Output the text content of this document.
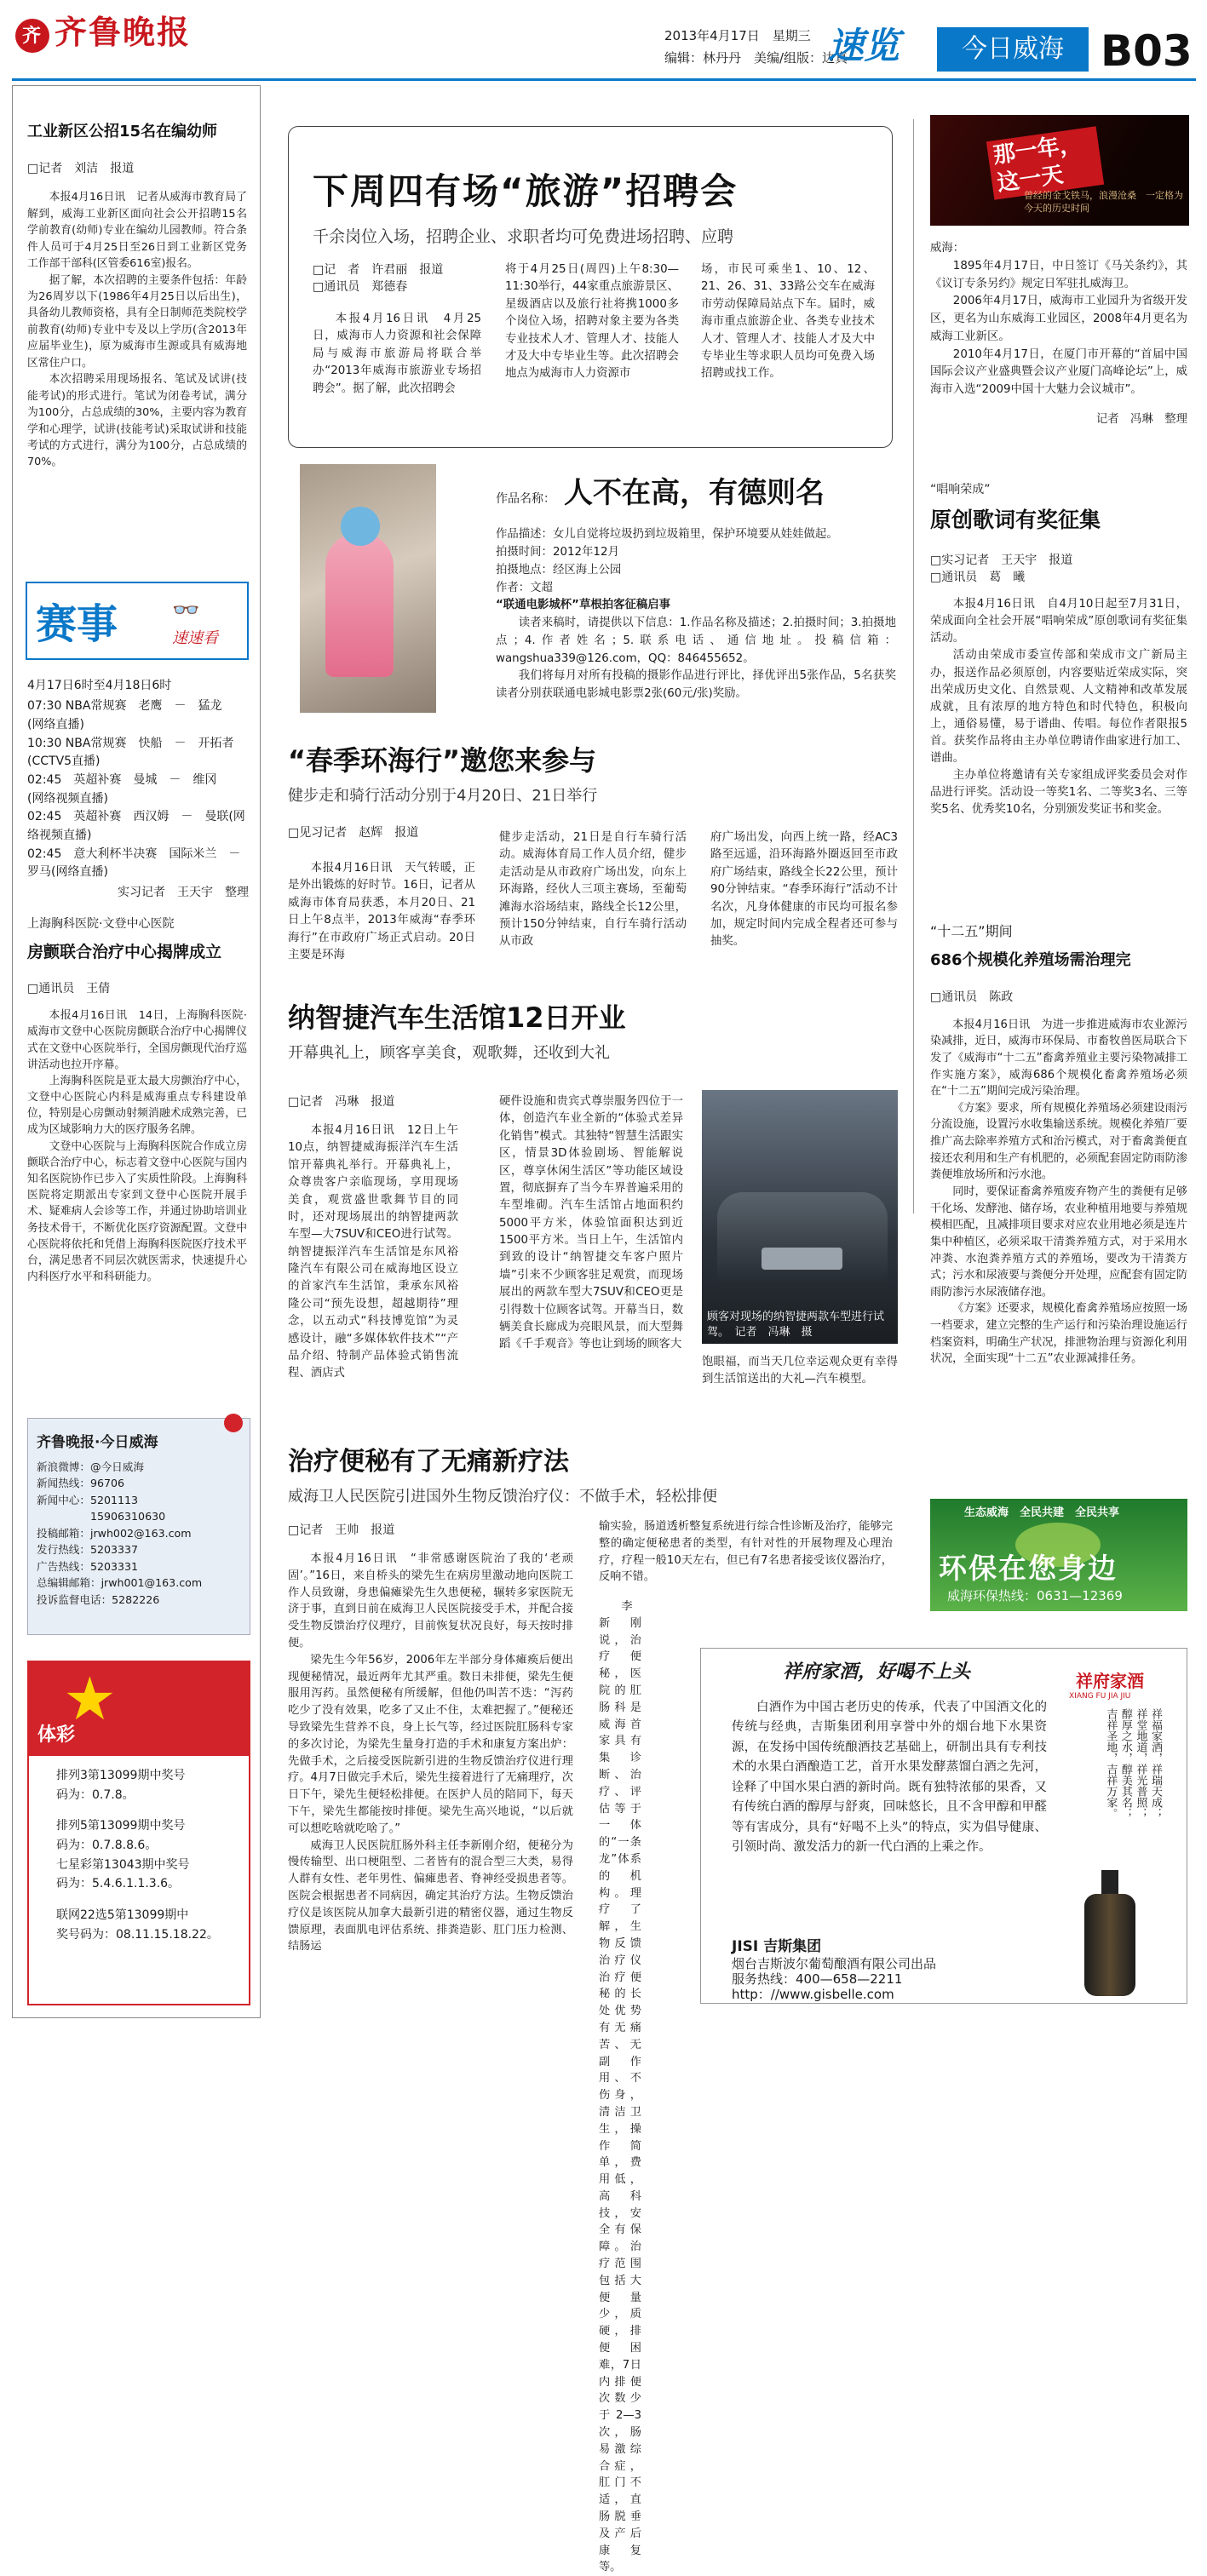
齐 齐鲁晚报	2013年4月17日　星期三
编辑：林丹丹　美编/组版：边真
速览	今日威海 B03
工业新区公招15名在编幼师
□记者　刘洁　报道

本报4月16日讯　记者从威海市教育局了解到，威海工业新区面向社会公开招聘15名学前教育(幼师)专业在编幼儿园教师。符合条件人员可于4月25日至26日到工业新区党务工作部干部科(区管委616室)报名。

据了解，本次招聘的主要条件包括：年龄为26周岁以下(1986年4月25日以后出生)，具备幼儿教师资格，具有全日制师范类院校学前教育(幼师)专业中专及以上学历(含2013年应届毕业生)，原为威海市生源或具有威海地区常住户口。

本次招聘采用现场报名、笔试及试讲(技能考试)的形式进行。笔试为闭卷考试，满分为100分，占总成绩的30%，主要内容为教育学和心理学，试讲(技能考试)采取试讲和技能考试的方式进行，满分为100分，占总成绩的70%。

赛事 👓
速速看
4月17日6时至4月18日6时
07:30 NBA常规赛　老鹰　－　猛龙
(网络直播)
10:30 NBA常规赛　快船　－　开拓者(CCTV5直播)
02:45　英超补赛　曼城　－　维冈
(网络视频直播)
02:45　英超补赛　西汉姆　－　曼联(网络视频直播)
02:45　意大利杯半决赛　国际米兰　－　罗马(网络直播)
实习记者　王天宇　整理
上海胸科医院·文登中心医院
房颤联合治疗中心揭牌成立
□通讯员　王倩

本报4月16日讯　14日，上海胸科医院·威海市文登中心医院房颤联合治疗中心揭牌仪式在文登中心医院举行，全国房颤现代治疗巡讲活动也拉开序幕。

上海胸科医院是亚太最大房颤治疗中心，文登中心医院心内科是威海重点专科建设单位，特别是心房颤动射频消融术成熟完善，已成为区域影响力大的医疗服务名牌。

文登中心医院与上海胸科医院合作成立房颤联合治疗中心，标志着文登中心医院与国内知名医院协作已步入了实质性阶段。上海胸科医院将定期派出专家到文登中心医院开展手术、疑难病人会诊等工作，并通过协助培训业务技术骨干，不断优化医疗资源配置。文登中心医院将依托和凭借上海胸科医院医疗技术平台，满足患者不同层次就医需求，快速提升心内科医疗水平和科研能力。

齐鲁晚报·今日威海
新浪微博：@今日威海
新闻热线：96706
新闻中心：5201113
　　　　　15906310630
投稿邮箱：jrwh002@163.com
发行热线：5203337
广告热线：5203331
总编辑邮箱：jrwh001@163.com
投诉监督电话：5282226
★
体彩
排列3第13099期中奖号
码为：0.7.8。
排列5第13099期中奖号
码为：0.7.8.8.6。
七星彩第13043期中奖号
码为：5.4.6.1.1.3.6。
联网22选5第13099期中
奖号码为：08.11.15.18.22。
下周四有场“旅游”招聘会
千余岗位入场，招聘企业、求职者均可免费进场招聘、应聘
□记　者　许君丽　报道
□通讯员　郑德春

本报4月16日讯　4月25日，威海市人力资源和社会保障局与威海市旅游局将联合举办“2013年威海市旅游业专场招聘会”。据了解，此次招聘会

将于4月25日(周四)上午8:30—11:30举行，44家重点旅游景区、星级酒店以及旅行社将携1000多个岗位入场，招聘对象主要为各类专业技术人才、管理人才、技能人才及大中专毕业生等。此次招聘会地点为威海市人力资源市

场，市民可乘坐1、10、12、21、26、31、33路公交车在威海市劳动保障局站点下车。届时，威海市重点旅游企业、各类专业技术人才、管理人才、技能人才及大中专毕业生等求职人员均可免费入场招聘或找工作。

作品名称： 人不在高，有德则名
作品描述：女儿自觉将垃圾扔到垃圾箱里，保护环境要从娃娃做起。
拍摄时间：2012年12月
拍摄地点：经区海上公园
作者：文超
“联通电影城杯”草根拍客征稿启事

读者来稿时，请提供以下信息：1.作品名称及描述；2.拍摄时间；3.拍摄地点；4.作者姓名；5.联系电话、通信地址。投稿信箱：wangshua339@126.com，QQ：846455652。

我们将每月对所有投稿的摄影作品进行评比，择优评出5张作品，5名获奖读者分别获联通电影城电影票2张(60元/张)奖励。

“春季环海行”邀您来参与
健步走和骑行活动分别于4月20日、21日举行
□见习记者　赵辉　报道

本报4月16日讯　天气转暖，正是外出锻炼的好时节。16日，记者从威海市体育局获悉，本月20日、21日上午8点半，2013年威海“春季环海行”在市政府广场正式启动。20日主要是环海

健步走活动，21日是自行车骑行活动。威海体育局工作人员介绍，健步走活动是从市政府广场出发，向东上环海路，经伙人三项主赛场，至葡萄滩海水浴场结束，路线全长12公里，预计150分钟结束，自行车骑行活动从市政

府广场出发，向西上统一路，经AC3路至远遥，沿环海路外圈返回至市政府广场结束，路线全长22公里，预计90分钟结束。“春季环海行”活动不计名次，凡身体健康的市民均可报名参加，规定时间内完成全程者还可参与抽奖。

纳智捷汽车生活馆12日开业
开幕典礼上，顾客享美食，观歌舞，还收到大礼
□记者　冯琳　报道

本报4月16日讯　12日上午10点，纳智捷威海振洋汽车生活馆开幕典礼举行。开幕典礼上，众尊贵客户亲临现场，享用现场美食，观赏盛世歌舞节目的同时，还对现场展出的纳智捷两款车型—大7SUV和CEO进行试驾。纳智捷振洋汽车生活馆是东风裕隆汽车有限公司在威海地区设立的首家汽车生活馆，秉承东风裕隆公司“预先设想，超越期待”理念，以五动式“科技博览馆”为灵感设计，融“多媒体软件技术”“产品介绍、特制产品体验式销售流程、酒店式

硬件设施和贵宾式尊崇服务四位于一体，创造汽车业全新的“体验式差异化销售”模式。其独特“智慧生活跟实区，情景3D体验剧场、智能解说区，尊享休闲生活区”等功能区域设置，彻底摒弃了当今车界普遍采用的车型堆砌。汽车生活馆占地面积约5000平方米，体验馆面积达到近1500平方米。当日上午，生活馆内到致的设计“纳智捷交车客户照片墙”引来不少顾客驻足观赏，而现场展出的两款车型大7SUV和CEO更是引得数十位顾客试驾。开幕当日，数辆美食长廊成为亮眼风景，而大型舞蹈《千手观音》等也让到场的顾客大

顾客对现场的纳智捷两款车型进行试驾。　记者　冯琳　摄

饱眼福，而当天几位幸运观众更有幸得到生活馆送出的大礼—汽车模型。

治疗便秘有了无痛新疗法
威海卫人民医院引进国外生物反馈治疗仪：不做手术，轻松排便
□记者　王帅　报道

本报4月16日讯　“非常感谢医院治了我的‘老顽固’。”16日，来自桥头的梁先生在病房里激动地向医院工作人员致谢，身患偏瘫梁先生久患便秘，辗转多家医院无济于事，直到日前在威海卫人民医院接受手术，并配合接受生物反馈治疗仪理疗，目前恢复状况良好，每天按时排便。

梁先生今年56岁，2006年左半部分身体瘫痪后便出现便秘情况，最近两年尤其严重。数日未排便，梁先生便服用泻药。虽然便秘有所缓解，但他仍叫苦不迭：“泻药吃少了没有效果，吃多了又止不住，太难把握了。”便秘还导致梁先生营养不良，身上长气等，经过医院肛肠科专家的多次讨论，为梁先生量身打造的手术和康复方案出炉：先做手术，之后接受医院新引进的生物反馈治疗仪进行理疗。4月7日做完手术后，梁先生接着进行了无痛理疗，次日下午，梁先生便轻松排便。在医护人员的陪同下，每天下午，梁先生都能按时排便。梁先生高兴地说，“以后就可以想吃啥就吃啥了。”

威海卫人民医院肛肠外科主任李新刚介绍，便秘分为慢传输型、出口梗阻型、二者皆有的混合型三大类，易得人群有女性、老年男性、偏瘫患者、脊神经受损患者等。医院会根据患者不同病因，确定其治疗方法。生物反馈治疗仪是该医院从加拿大最新引进的精密仪器，通过生物反馈原理，表面肌电评估系统、排粪造影、肛门压力检测、结肠运

输实验，肠道透析整复系统进行综合性诊断及治疗，能够完整的确定便秘患者的类型，有针对性的开展物理及心理治疗，疗程一般10天左右，但已有7名患者接受该仪器治疗，反响不错。

李新刚说，治疗便秘，医院的肛肠科是威海首家具有集诊断、治疗、评估等于一体的“一条龙”体系的机构。理疗了解，生物反馈治疗仪治疗便秘的长处优势有无痛苦、无副作用、不伤身，清洁卫生，操作简单，费用低，高科技，安全有保障。治疗范围包括大便量少，质硬，排便困难，7日内排便次数少于2—3次，肠易激综合症，肛门不适，直肠脱垂及产后康复等。

祥府家酒，好喝不上头

白酒作为中国古老历史的传承，代表了中国酒文化的传统与经典，吉斯集团利用享誉中外的烟台地下水果资源，在发扬中国传统酿酒技艺基础上，研制出具有专利技术的水果白酒酿造工艺，首开水果发酵蒸馏白酒之先河，诠释了中国水果白酒的新时尚。既有独特浓郁的果香，又有传统白酒的醇厚与舒爽，回味悠长，且不含甲醇和甲醛等有害成分，具有“好喝不上头”的特点，实为倡导健康、引领时尚、激发活力的新一代白酒的上乘之作。

JISI 吉斯集团
烟台吉斯波尔葡萄酿酒有限公司出品
服务热线：400—658—2211
http：//www.gisbelle.com
祥府家酒
XIANG FU JIA JIU
祥福家酒，祥瑞天成；祥堂地道，祥光普照；醇厚之水，醇美其名；吉祥圣地，吉祥万家。
那一年，这一天
曾经的金戈铁马，浪漫沧桑　一定格为今天的历史时间
威海：

1895年4月17日，中日签订《马关条约》，其《议订专条另约》规定日军驻扎威海卫。

2006年4月17日，威海市工业园升为省级开发区，更名为山东威海工业园区，2008年4月更名为威海工业新区。

2010年4月17日，在厦门市开幕的“首届中国国际会议产业盛典暨会议产业厦门高峰论坛”上，威海市入选“2009中国十大魅力会议城市”。

记者　冯琳　整理
“唱响荣成”
原创歌词有奖征集
□实习记者　王天宇　报道
□通讯员　葛　曦

本报4月16日讯　自4月10日起至7月31日，荣成面向全社会开展“唱响荣成”原创歌词有奖征集活动。

活动由荣成市委宣传部和荣成市文广新局主办，报送作品必须原创，内容要贴近荣成实际，突出荣成历史文化、自然景观、人文精神和改革发展成就，且有浓厚的地方特色和时代特色，积极向上，通俗易懂，易于谱曲、传唱。每位作者限报5首。获奖作品将由主办单位聘请作曲家进行加工、谱曲。

主办单位将邀请有关专家组成评奖委员会对作品进行评奖。活动设一等奖1名、二等奖3名、三等奖5名、优秀奖10名，分别颁发奖证书和奖金。

“十二五”期间
686个规模化养殖场需治理完
□通讯员　陈政

本报4月16日讯　为进一步推进威海市农业源污染减排，近日，威海市环保局、市畜牧兽医局联合下发了《威海市“十二五”畜禽养殖业主要污染物减排工作实施方案》，威海686个规模化畜禽养殖场必须在“十二五”期间完成污染治理。

《方案》要求，所有规模化养殖场必须建设雨污分流设施，设置污水收集输送系统。规模化养殖厂要推广高去除率养殖方式和治污模式，对于畜禽粪便直接还农利用和生产有机肥的，必须配套固定防雨防渗粪便堆放场所和污水池。

同时，要保证畜禽养殖废弃物产生的粪便有足够干化场、发酵池、储存场，农业种植用地要与养殖规模相匹配，且减排项目要求对应农业用地必须是连片集中种植区，必须采取干清粪养殖方式，对于采用水冲粪、水泡粪养殖方式的养殖场，要改为干清粪方式；污水和尿液要与粪便分开处理，应配套有固定防雨防渗污水尿液储存池。

《方案》还要求，规模化畜禽养殖场应按照一场一档要求，建立完整的生产运行和污染治理设施运行档案资料，明确生产状况，排泄物治理与资源化利用状况，全面实现“十二五”农业源减排任务。

生态威海　全民共建　全民共享
环保在您身边
威海环保热线：0631—12369
